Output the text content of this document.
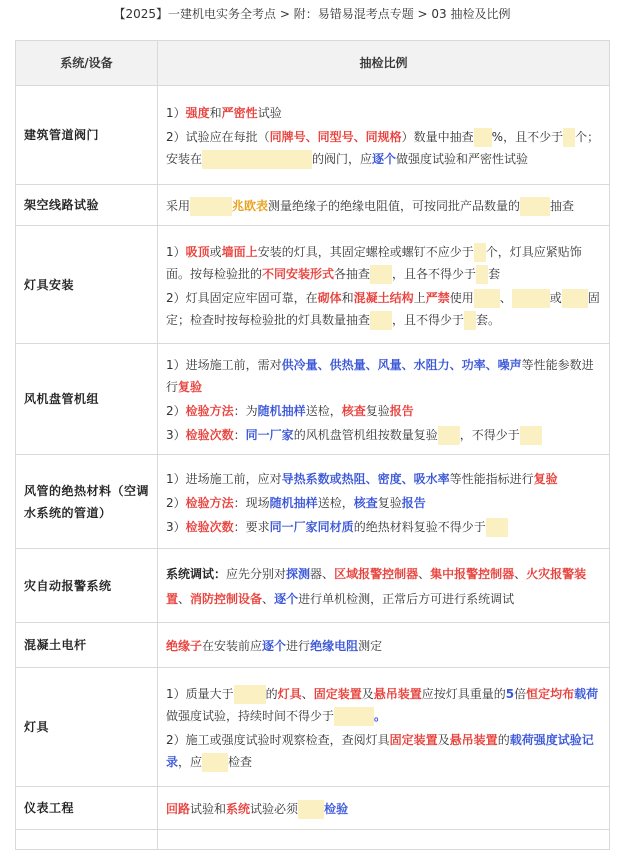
【2025】一建机电实务全考点 > 附：易错易混考点专题 > 03 抽检及比例
系统/设备	抽检比例
建筑管道阀门	1）强度和严密性试验
2）试验应在每批（同牌号、同型号、同规格）数量中抽查 %，且不少于 个；安装在 的阀门，应逐个做强度试验和严密性试验

架空线路试验	采用 兆欧表测量绝缘子的绝缘电阻值，可按同批产品数量的 抽查

灯具安装	1）吸顶或墙面上安装的灯具，其固定螺栓或螺钉不应少于 个，灯具应紧贴饰面。按每检验批的不同安装形式各抽查 ，且各不得少于 套
2）灯具固定应牢固可靠，在砌体和混凝土结构上严禁使用 、 或 固定；检查时按每检验批的灯具数量抽查 ，且不得少于 套。

风机盘管机组	1）进场施工前，需对供冷量、供热量、风量、水阻力、功率、噪声等性能参数进行复验
2）检验方法：为随机抽样送检，核查复验报告
3）检验次数：同一厂家的风机盘管机组按数量复验 ，不得少于

风管的绝热材料（空调水系统的管道）	1）进场施工前，应对导热系数或热阻、密度、吸水率等性能指标进行复验
2）检验方法：现场随机抽样送检，核查复验报告
3）检验次数：要求同一厂家同材质的绝热材料复验不得少于

灾自动报警系统	系统调试：应先分别对探测器、区域报警控制器、集中报警控制器、火灾报警装置、消防控制设备、逐个进行单机检测，正常后方可进行系统调试

混凝土电杆	绝缘子在安装前应逐个进行绝缘电阻测定

灯具	1）质量大于 的灯具、固定装置及悬吊装置应按灯具重量的5倍恒定均布载荷做强度试验，持续时间不得少于 。
2）施工或强度试验时观察检查，查阅灯具固定装置及悬吊装置的载荷强度试验记录，应 检查

仪表工程	回路试验和系统试验必须 检验
